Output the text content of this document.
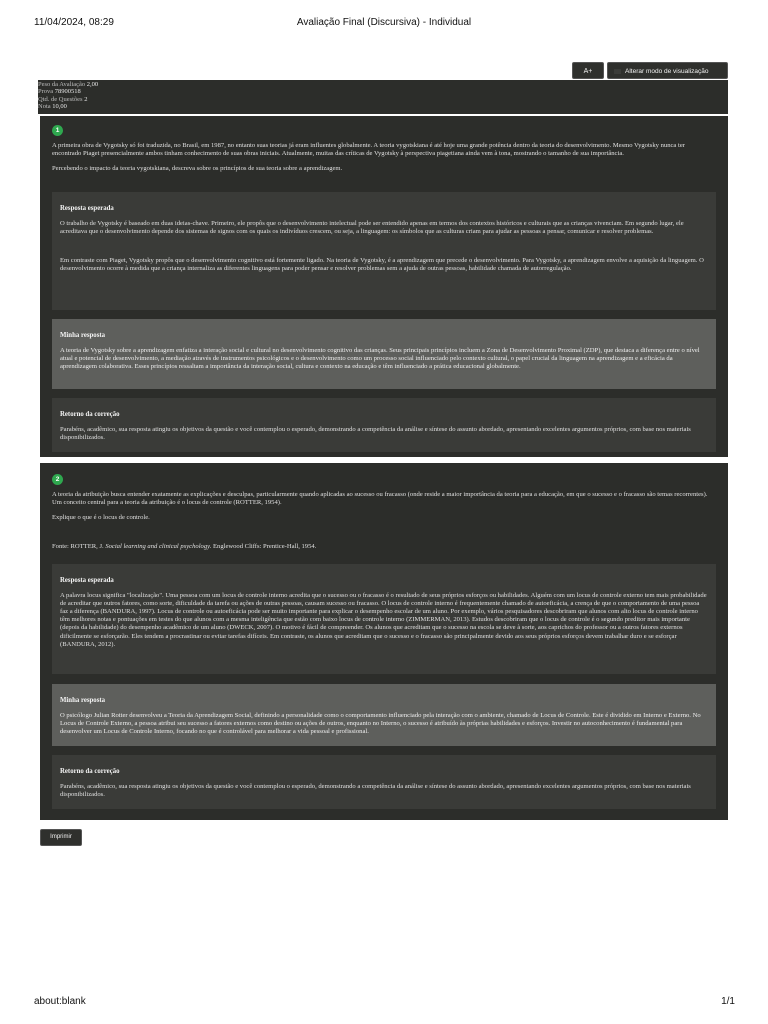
11/04/2024, 08:29	Avaliação Final (Discursiva) - Individual
A+	Alterar modo de visualização
Peso da Avaliação 2,00
Prova 78900518
Qtd. de Questões 2
Nota 10,00
1

A primeira obra de Vygotsky só foi traduzida, no Brasil, em 1987, no entanto suas teorias já eram influentes globalmente. A teoria vygotskiana é até hoje uma grande potência dentro da teoria do desenvolvimento. Mesmo Vygotsky nunca ter encontrado Piaget presencialmente ambos tinham conhecimento de suas obras iniciais. Atualmente, muitas das críticas de Vygotsky à perspectiva piagetiana ainda vem à tona, mostrando o tamanho de sua importância.

Percebendo o impacto da teoria vygotskiana, descreva sobre os princípios de sua teoria sobre a aprendizagem.

Resposta esperada

O trabalho de Vygotsky é baseado em duas ideias-chave. Primeiro, ele propôs que o desenvolvimento intelectual pode ser entendido apenas em termos dos contextos históricos e culturais que as crianças vivenciam. Em segundo lugar, ele acreditava que o desenvolvimento depende dos sistemas de signos com os quais os indivíduos crescem, ou seja, a linguagem: os símbolos que as culturas criam para ajudar as pessoas a pensar, comunicar e resolver problemas.

Em contraste com Piaget, Vygotsky propôs que o desenvolvimento cognitivo está fortemente ligado. Na teoria de Vygotsky, é a aprendizagem que precede o desenvolvimento. Para Vygotsky, a aprendizagem envolve a aquisição da linguagem. O desenvolvimento ocorre à medida que a criança internaliza as diferentes linguagens para poder pensar e resolver problemas sem a ajuda de outras pessoas, habilidade chamada de autorregulação.

Minha resposta

A teoria de Vygotsky sobre a aprendizagem enfatiza a interação social e cultural no desenvolvimento cognitivo das crianças. Seus principais princípios incluem a Zona de Desenvolvimento Proximal (ZDP), que destaca a diferença entre o nível atual e potencial de desenvolvimento, a mediação através de instrumentos psicológicos e o desenvolvimento como um processo social influenciado pelo contexto cultural, o papel crucial da linguagem na aprendizagem e a eficácia da aprendizagem colaborativa. Esses princípios ressaltam a importância da interação social, cultura e contexto na educação e têm influenciado a prática educacional globalmente.

Retorno da correção

Parabéns, acadêmico, sua resposta atingiu os objetivos da questão e você contemplou o esperado, demonstrando a competência da análise e síntese do assunto abordado, apresentando excelentes argumentos próprios, com base nos materiais disponibilizados.

2

A teoria da atribuição busca entender exatamente as explicações e desculpas, particularmente quando aplicadas ao sucesso ou fracasso (onde reside a maior importância da teoria para a educação, em que o sucesso e o fracasso são temas recorrentes). Um conceito central para a teoria da atribuição é o locus de controle (ROTTER, 1954).

Explique o que é o locus de controle.

Fonte: ROTTER, J. Social learning and clinical psychology. Englewood Cliffs: Prentice-Hall, 1954.

Resposta esperada

A palavra locus significa "localização". Uma pessoa com um locus de controle interno acredita que o sucesso ou o fracasso é o resultado de seus próprios esforços ou habilidades. Alguém com um locus de controle externo tem mais probabilidade de acreditar que outros fatores, como sorte, dificuldade da tarefa ou ações de outras pessoas, causam sucesso ou fracasso. O locus de controle interno é frequentemente chamado de autoeficácia, a crença de que o comportamento de uma pessoa faz a diferença (BANDURA, 1997). Locus de controle ou autoeficácia pode ser muito importante para explicar o desempenho escolar de um aluno. Por exemplo, vários pesquisadores descobriram que alunos com alto locus de controle interno têm melhores notas e pontuações em testes do que alunos com a mesma inteligência que estão com baixo locus de controle interno (ZIMMERMAN, 2013). Estudos descobriram que o locus de controle é o segundo preditor mais importante (depois da habilidade) do desempenho acadêmico de um aluno (DWECK, 2007). O motivo é fácil de compreender. Os alunos que acreditam que o sucesso na escola se deve à sorte, aos caprichos do professor ou a outros fatores externos dificilmente se esforçarão. Eles tendem a procrastinar ou evitar tarefas difíceis. Em contraste, os alunos que acreditam que o sucesso e o fracasso são principalmente devido aos seus próprios esforços devem trabalhar duro e se esforçar (BANDURA, 2012).

Minha resposta

O psicólogo Julian Rotter desenvolveu a Teoria da Aprendizagem Social, definindo a personalidade como o comportamento influenciado pela interação com o ambiente, chamado de Locus de Controle. Este é dividido em Interno e Externo. No Locus de Controle Externo, a pessoa atribui seu sucesso a fatores externos como destino ou ações de outros, enquanto no Interno, o sucesso é atribuído às próprias habilidades e esforços. Investir no autoconhecimento é fundamental para desenvolver um Locus de Controle Interno, focando no que é controlável para melhorar a vida pessoal e profissional.

Retorno da correção

Parabéns, acadêmico, sua resposta atingiu os objetivos da questão e você contemplou o esperado, demonstrando a competência da análise e síntese do assunto abordado, apresentando excelentes argumentos próprios, com base nos materiais disponibilizados.

Imprimir
about:blank	1/1
